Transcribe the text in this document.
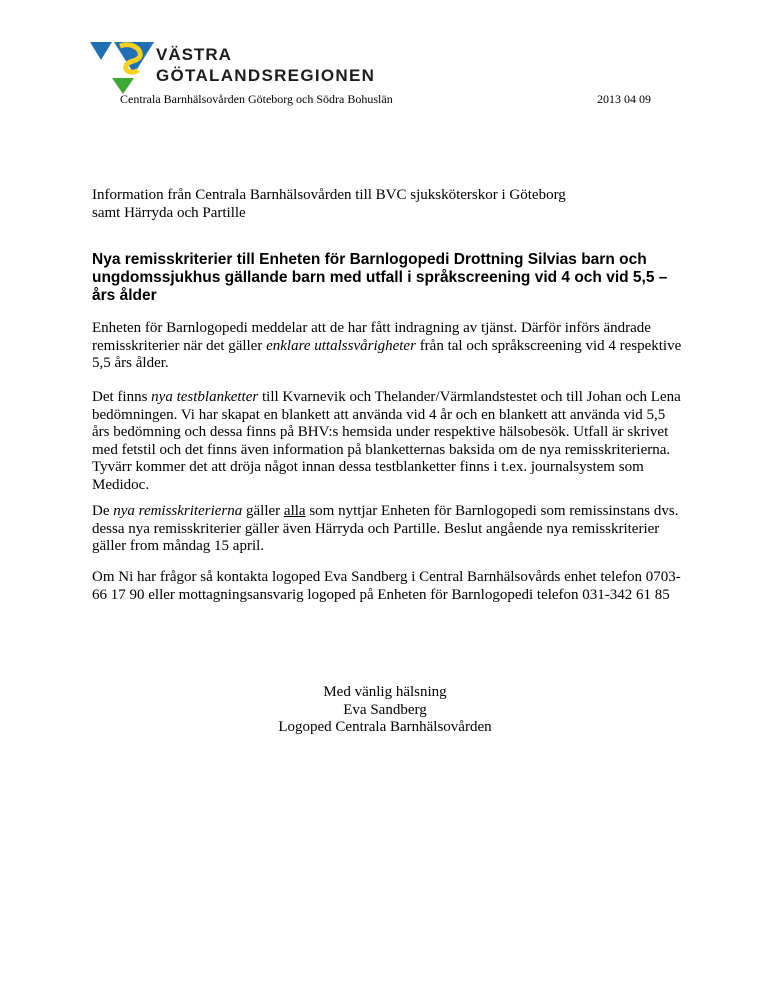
VÄSTRA
GÖTALANDSREGIONEN
Centrala Barnhälsovården Göteborg och Södra Bohuslän	2013 04 09
Information från Centrala Barnhälsovården till BVC sjuksköterskor i Göteborg
samt Härryda och Partille
Nya remisskriterier till Enheten för Barnlogopedi Drottning Silvias barn och ungdomssjukhus gällande barn med utfall i språkscreening vid 4 och vid 5,5 – års ålder

Enheten för Barnlogopedi meddelar att de har fått indragning av tjänst. Därför införs ändrade remisskriterier när det gäller enklare uttalssvårigheter från tal och språkscreening vid 4 respektive 5,5 års ålder.

Det finns nya testblanketter till Kvarnevik och Thelander/Värmlandstestet och till Johan och Lena bedömningen. Vi har skapat en blankett att använda vid 4 år och en blankett att använda vid 5,5 års bedömning och dessa finns på BHV:s hemsida under respektive hälsobesök. Utfall är skrivet med fetstil och det finns även information på blanketternas baksida om de nya remisskriterierna. Tyvärr kommer det att dröja något innan dessa testblanketter finns i t.ex. journalsystem som Medidoc.

De nya remisskriterierna gäller alla som nyttjar Enheten för Barnlogopedi som remissinstans dvs. dessa nya remisskriterier gäller även Härryda och Partille. Beslut angående nya remisskriterier gäller from måndag 15 april.

Om Ni har frågor så kontakta logoped Eva Sandberg i Central Barnhälsovårds enhet telefon 0703-66 17 90 eller mottagningsansvarig logoped på Enheten för Barnlogopedi telefon 031-342 61 85

Med vänlig hälsning
Eva Sandberg
Logoped Centrala Barnhälsovården
